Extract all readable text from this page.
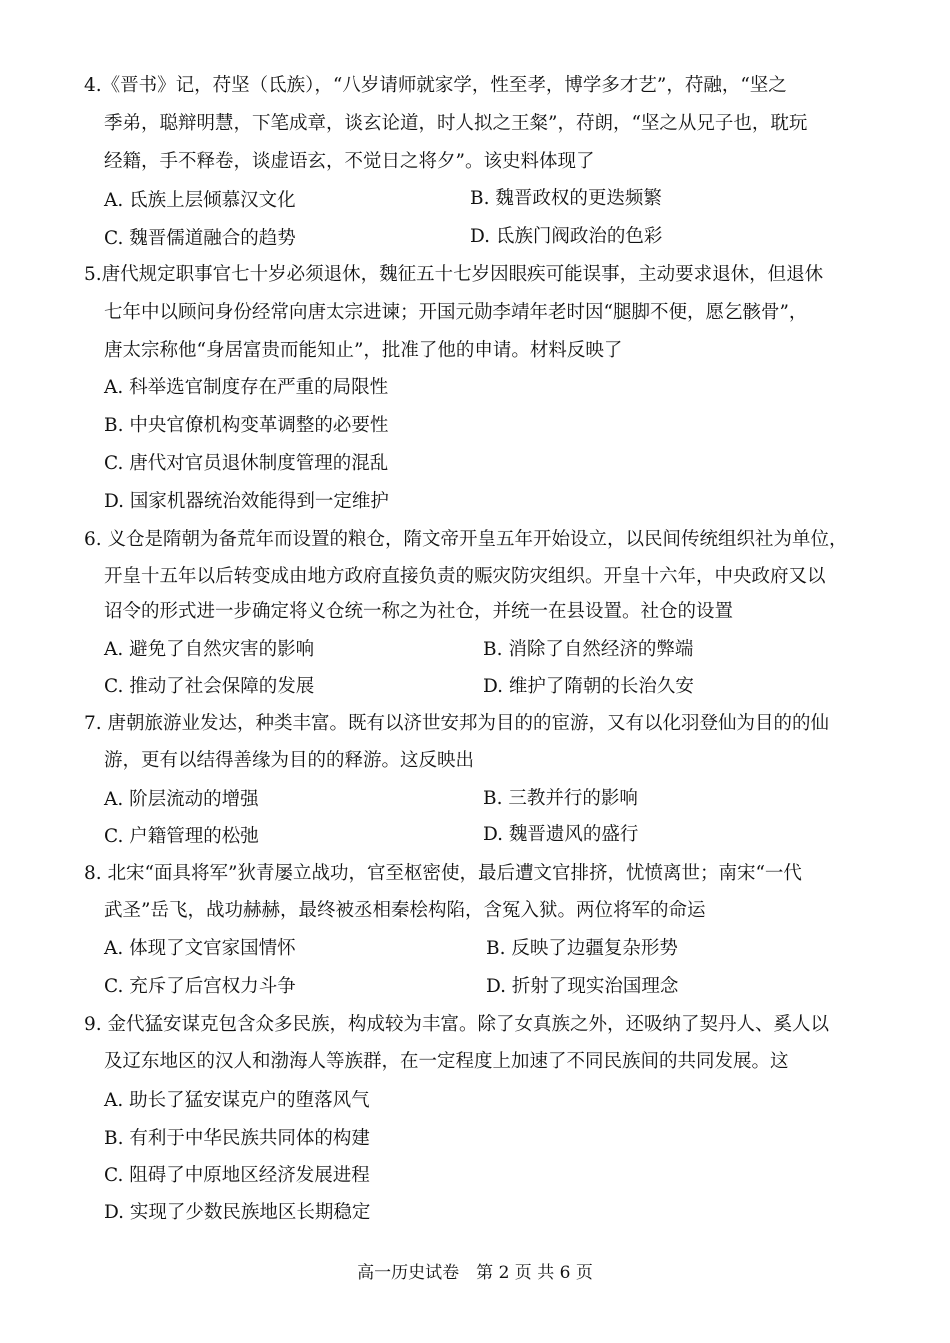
4.《晋书》记，苻坚（氐族），“八岁请师就家学，性至孝，博学多才艺”，苻融，“坚之
季弟，聪辩明慧，下笔成章，谈玄论道，时人拟之王粲”，苻朗，“坚之从兄子也，耽玩
经籍，手不释卷，谈虚语玄，不觉日之将夕”。该史料体现了
A. 氐族上层倾慕汉文化	B. 魏晋政权的更迭频繁
C. 魏晋儒道融合的趋势	D. 氐族门阀政治的色彩
5.唐代规定职事官七十岁必须退休，魏征五十七岁因眼疾可能误事，主动要求退休，但退休
七年中以顾问身份经常向唐太宗进谏；开国元勋李靖年老时因“腿脚不便，愿乞骸骨”，
唐太宗称他“身居富贵而能知止”，批准了他的申请。材料反映了
A. 科举选官制度存在严重的局限性
B. 中央官僚机构变革调整的必要性
C. 唐代对官员退休制度管理的混乱
D. 国家机器统治效能得到一定维护
6. 义仓是隋朝为备荒年而设置的粮仓，隋文帝开皇五年开始设立，以民间传统组织社为单位，
开皇十五年以后转变成由地方政府直接负责的赈灾防灾组织。开皇十六年，中央政府又以
诏令的形式进一步确定将义仓统一称之为社仓，并统一在县设置。社仓的设置
A. 避免了自然灾害的影响	B. 消除了自然经济的弊端
C. 推动了社会保障的发展	D. 维护了隋朝的长治久安
7. 唐朝旅游业发达，种类丰富。既有以济世安邦为目的的宦游，又有以化羽登仙为目的的仙
游，更有以结得善缘为目的的释游。这反映出
A. 阶层流动的增强	B. 三教并行的影响
C. 户籍管理的松弛	D. 魏晋遗风的盛行
8. 北宋“面具将军”狄青屡立战功，官至枢密使，最后遭文官排挤，忧愤离世；南宋“一代
武圣”岳飞，战功赫赫，最终被丞相秦桧构陷，含冤入狱。两位将军的命运
A. 体现了文官家国情怀	B. 反映了边疆复杂形势
C. 充斥了后宫权力斗争	D. 折射了现实治国理念
9. 金代猛安谋克包含众多民族，构成较为丰富。除了女真族之外，还吸纳了契丹人、奚人以
及辽东地区的汉人和渤海人等族群，在一定程度上加速了不同民族间的共同发展。这
A. 助长了猛安谋克户的堕落风气
B. 有利于中华民族共同体的构建
C. 阻碍了中原地区经济发展进程
D. 实现了少数民族地区长期稳定
高一历史试卷　第 2 页 共 6 页
